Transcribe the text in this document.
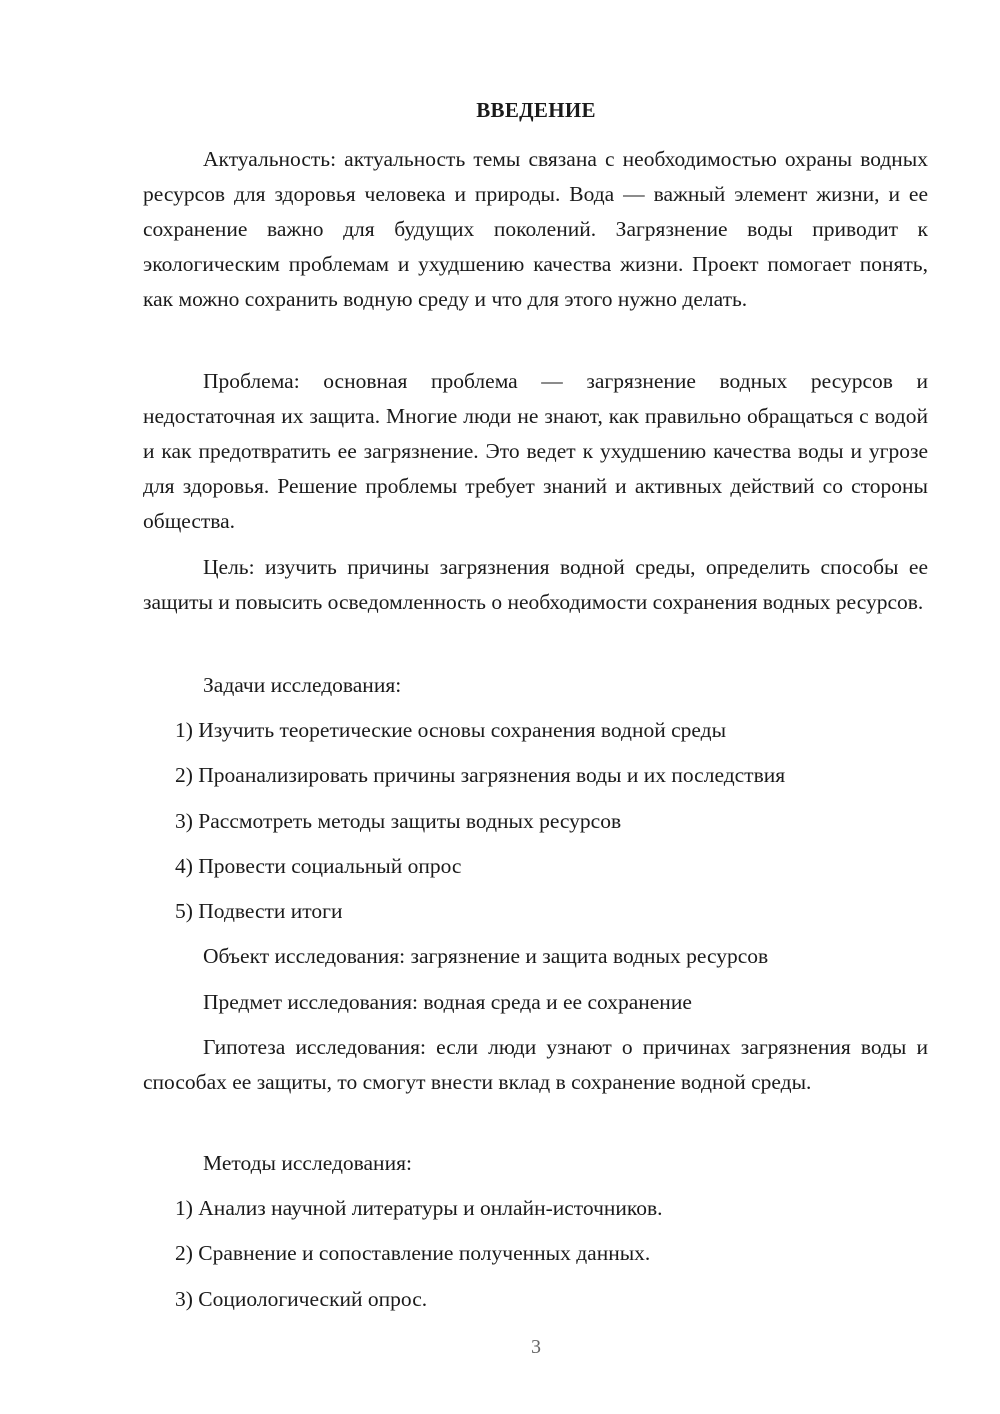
ВВЕДЕНИЕ

Актуальность: актуальность темы связана с необходимостью охраны водных ресурсов для здоровья человека и природы. Вода — важный элемент жизни, и ее сохранение важно для будущих поколений. Загрязнение воды приводит к экологическим проблемам и ухудшению качества жизни. Проект помогает понять, как можно сохранить водную среду и что для этого нужно делать.

Проблема: основная проблема — загрязнение водных ресурсов и недостаточная их защита. Многие люди не знают, как правильно обращаться с водой и как предотвратить ее загрязнение. Это ведет к ухудшению качества воды и угрозе для здоровья. Решение проблемы требует знаний и активных действий со стороны общества.

Цель: изучить причины загрязнения водной среды, определить способы ее защиты и повысить осведомленность о необходимости сохранения водных ресурсов.

Задачи исследования:
1) Изучить теоретические основы сохранения водной среды
2) Проанализировать причины загрязнения воды и их последствия
3) Рассмотреть методы защиты водных ресурсов
4) Провести социальный опрос
5) Подвести итоги
Объект исследования: загрязнение и защита водных ресурсов
Предмет исследования: водная среда и ее сохранение

Гипотеза исследования: если люди узнают о причинах загрязнения воды и способах ее защиты, то смогут внести вклад в сохранение водной среды.

Методы исследования:
1) Анализ научной литературы и онлайн-источников.
2) Сравнение и сопоставление полученных данных.
3) Социологический опрос.
3
